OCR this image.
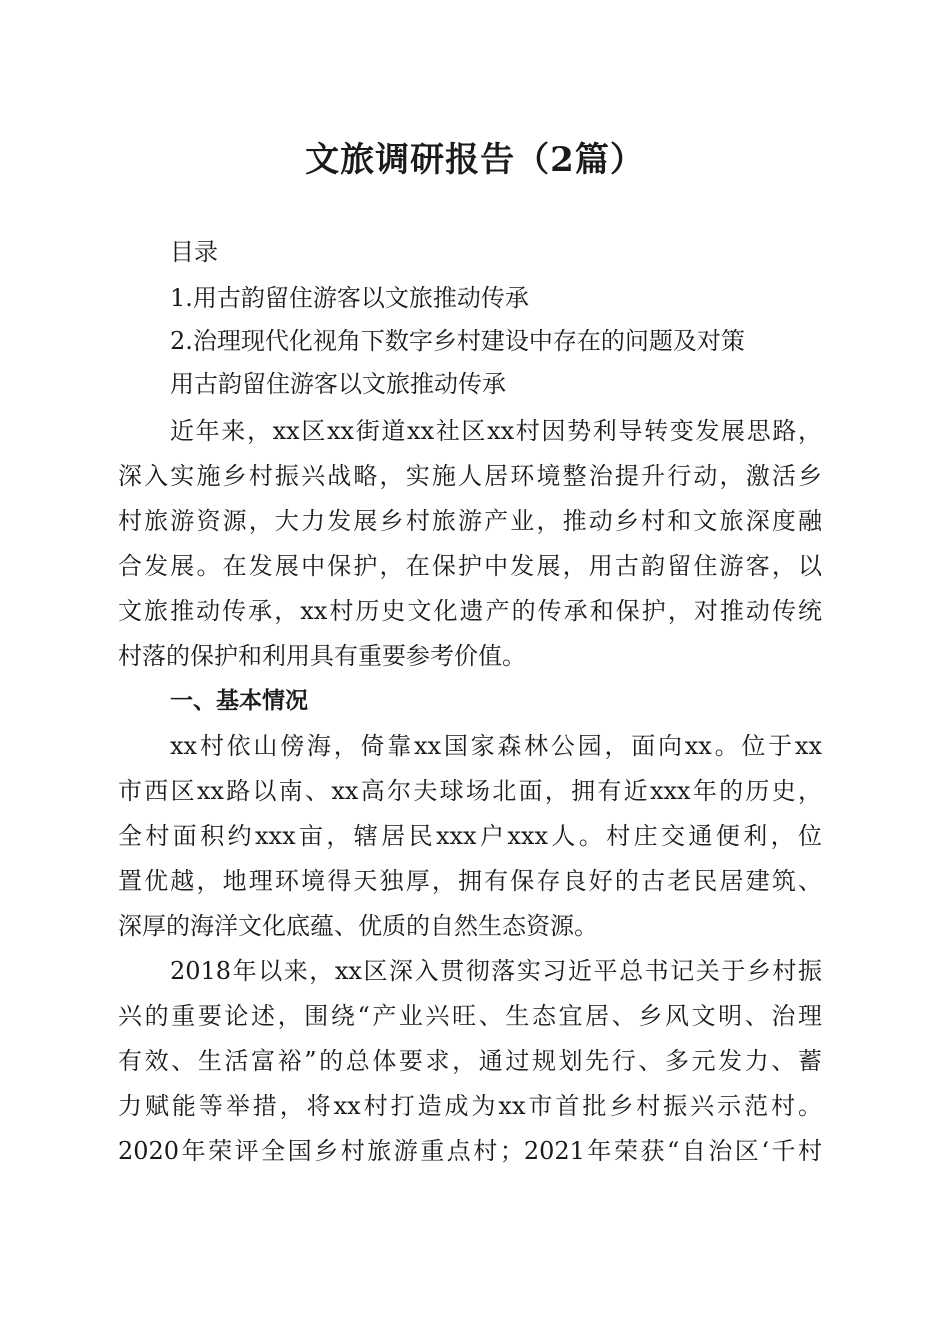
文旅调研报告（2篇）
目录
1.用古韵留住游客以文旅推动传承
2.治理现代化视角下数字乡村建设中存在的问题及对策
用古韵留住游客以文旅推动传承
近年来，xx区xx街道xx社区xx村因势利导转变发展思路，
深入实施乡村振兴战略，实施人居环境整治提升行动，激活乡
村旅游资源，大力发展乡村旅游产业，推动乡村和文旅深度融
合发展。在发展中保护，在保护中发展，用古韵留住游客，以
文旅推动传承，xx村历史文化遗产的传承和保护，对推动传统
村落的保护和利用具有重要参考价值。
一、基本情况
xx村依山傍海，倚靠xx国家森林公园，面向xx。位于xx
市西区xx路以南、xx高尔夫球场北面，拥有近xxx年的历史，
全村面积约xxx亩，辖居民xxx户xxx人。村庄交通便利，位
置优越，地理环境得天独厚，拥有保存良好的古老民居建筑、
深厚的海洋文化底蕴、优质的自然生态资源。
2018年以来，xx区深入贯彻落实习近平总书记关于乡村振
兴的重要论述，围绕“产业兴旺、生态宜居、乡风文明、治理
有效、生活富裕”的总体要求，通过规划先行、多元发力、蓄
力赋能等举措，将xx村打造成为xx市首批乡村振兴示范村。
2020年荣评全国乡村旅游重点村；2021年荣获“自治区‘千村
